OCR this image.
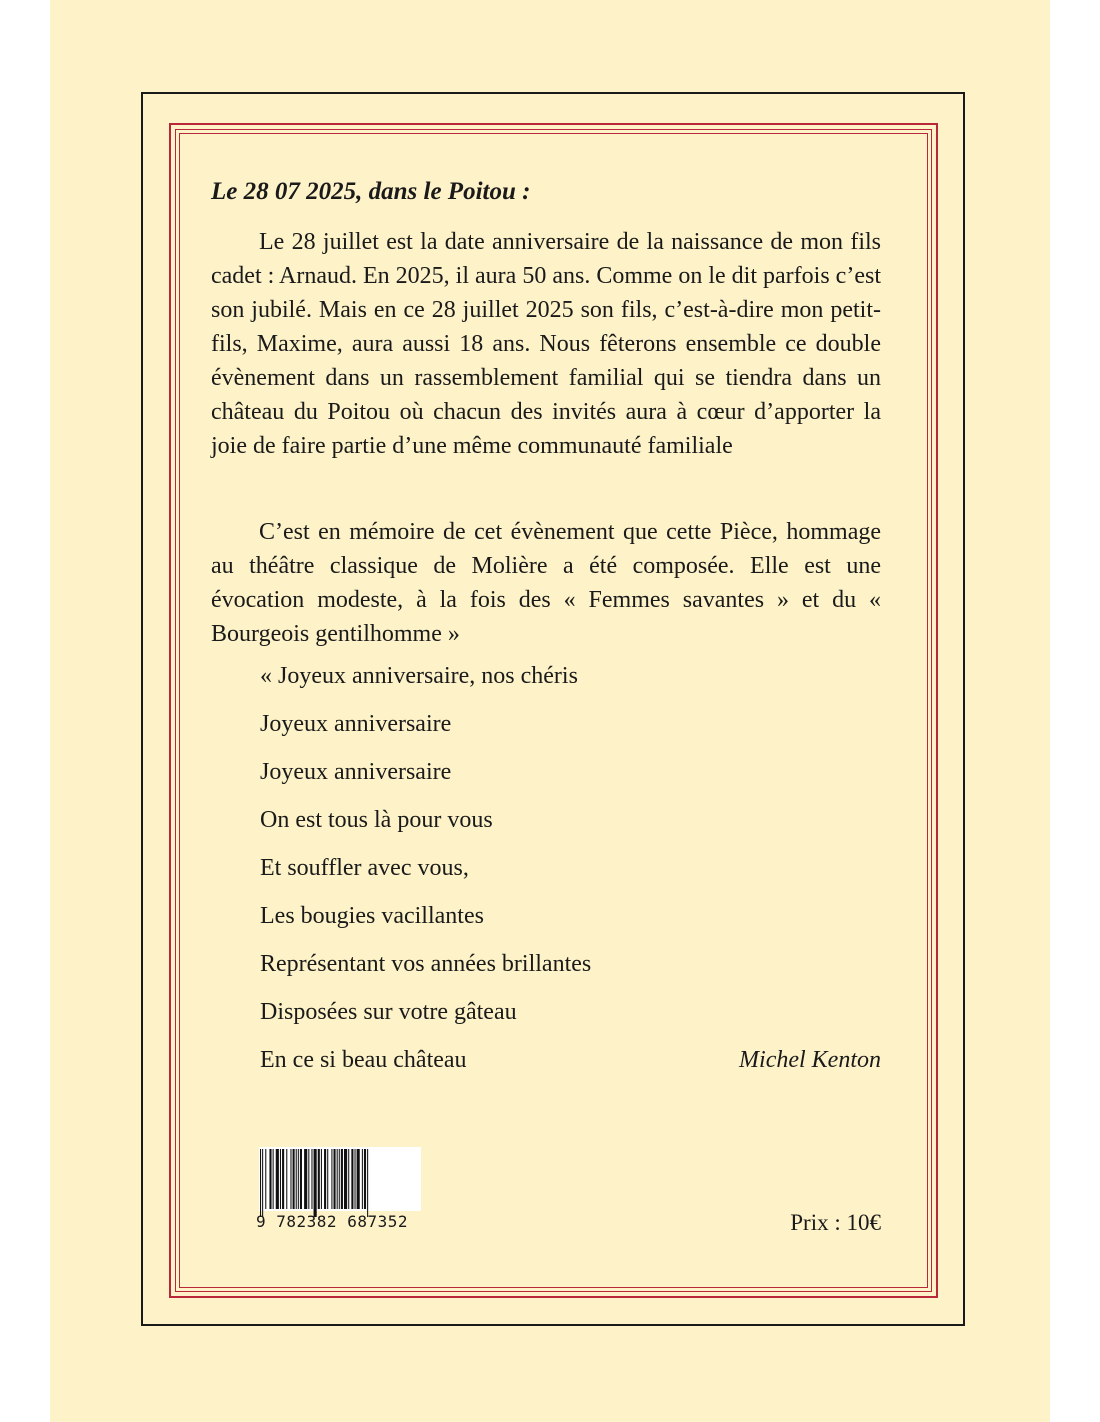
Le 28 07 2025, dans le Poitou :

Le 28 juillet est la date anniversaire de la naissance de mon fils cadet : Arnaud. En 2025, il aura 50 ans. Comme on le dit parfois c’est son jubilé. Mais en ce 28 juillet 2025 son fils, c’est-à-dire mon petit-fils, Maxime, aura aussi 18 ans. Nous fêterons ensemble ce double évènement dans un rassemblement familial qui se tiendra dans un château du Poitou où chacun des invités aura à cœur d’apporter la joie de faire partie d’une même communauté familiale

C’est en mémoire de cet évènement que cette Pièce, hommage au théâtre classique de Molière a été composée. Elle est une évocation modeste, à la fois des « Femmes savantes » et du « Bourgeois gentilhomme »

« Joyeux anniversaire, nos chéris

Joyeux anniversaire

Joyeux anniversaire

On est tous là pour vous

Et souffler avec vous,

Les bougies vacillantes

Représentant vos années brillantes

Disposées sur votre gâteau

En ce si beau château	Michel Kenton

9 782382 687352	Prix : 10€
